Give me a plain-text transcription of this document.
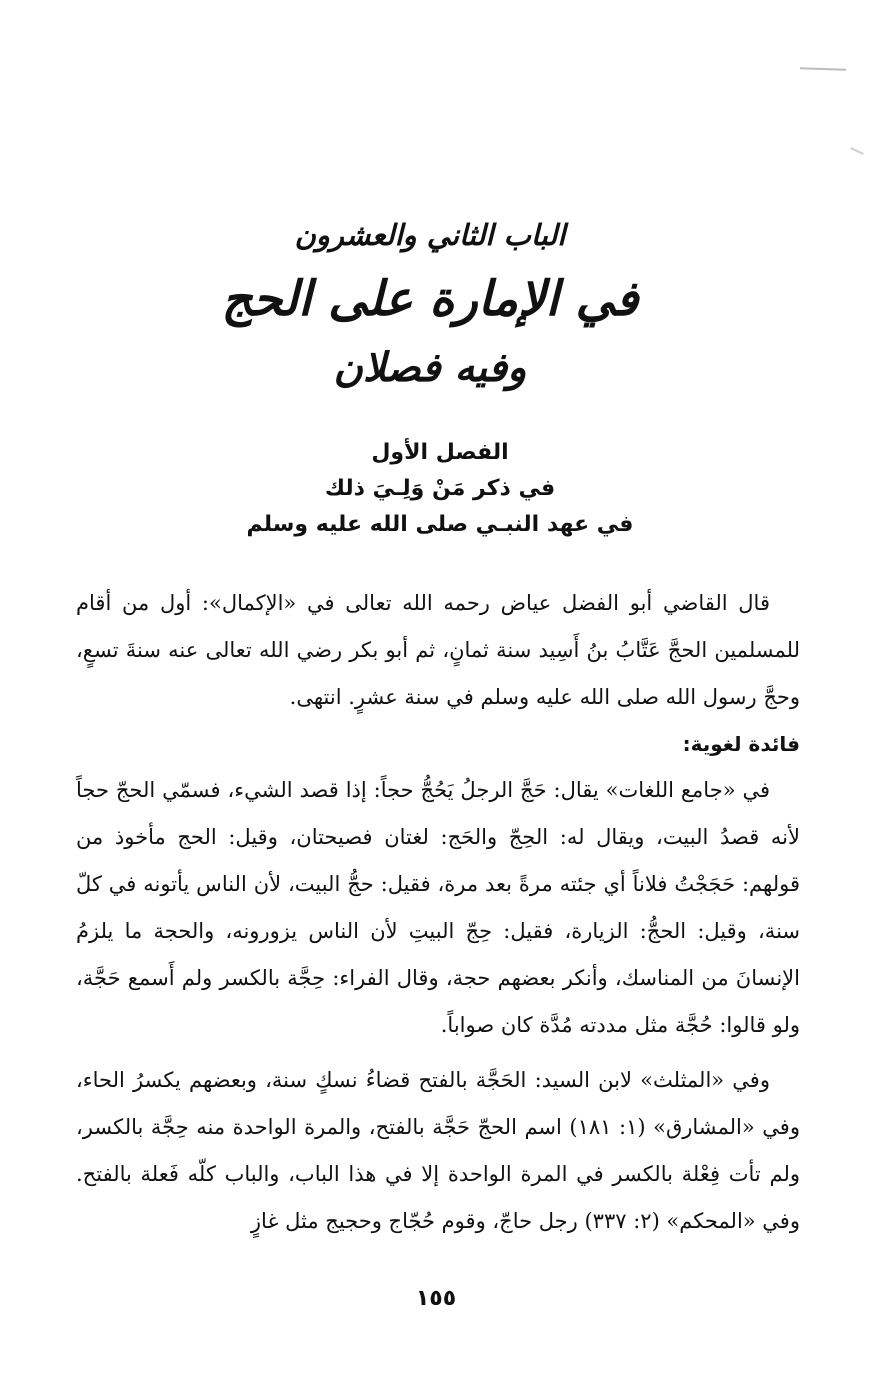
الباب الثاني والعشرون
في الإمارة على الحج
وفيه فصلان
الفصل الأول
في ذكر مَنْ وَلِـيَ ذلك
في عهد النبـي صلى الله عليه وسلم

قال القاضي أبو الفضل عياض رحمه الله تعالى في «الإكمال»: أول من أقام للمسلمين الحجَّ عَتَّابُ بنُ أَسِيد سنة ثمانٍ، ثم أبو بكر رضي الله تعالى عنه سنةَ تسعٍ، وحجَّ رسول الله صلى الله عليه وسلم في سنة عشرٍ. انتهى.

فائدة لغوية:

في «جامع اللغات» يقال: حَجَّ الرجلُ يَحُجُّ حجاً: إذا قصد الشيء، فسمّي الحجّ حجاً لأنه قصدُ البيت، ويقال له: الحِجّ والحَج: لغتان فصيحتان، وقيل: الحج مأخوذ من قولهم: حَجَجْتُ فلاناً أي جئته مرةً بعد مرة، فقيل: حجُّ البيت، لأن الناس يأتونه في كلّ سنة، وقيل: الحجُّ: الزيارة، فقيل: حِجّ البيتِ لأن الناس يزورونه، والحجة ما يلزمُ الإنسانَ من المناسك، وأنكر بعضهم حجة، وقال الفراء: حِجَّة بالكسر ولم أَسمع حَجَّة، ولو قالوا: حُجَّة مثل مددته مُدَّة كان صواباً.

وفي «المثلث» لابن السيد: الحَجَّة بالفتح قضاءُ نسكٍ سنة، وبعضهم يكسرُ الحاء، وفي «المشارق» (١: ١٨١) اسم الحجّ حَجَّة بالفتح، والمرة الواحدة منه حِجَّة بالكسر، ولم تأت فِعْلة بالكسر في المرة الواحدة إلا في هذا الباب، والباب كلّه فَعلة بالفتح. وفي «المحكم» (٢: ٣٣٧) رجل حاجّ، وقوم حُجّاج وحجيج مثل غازٍ

١٥٥
